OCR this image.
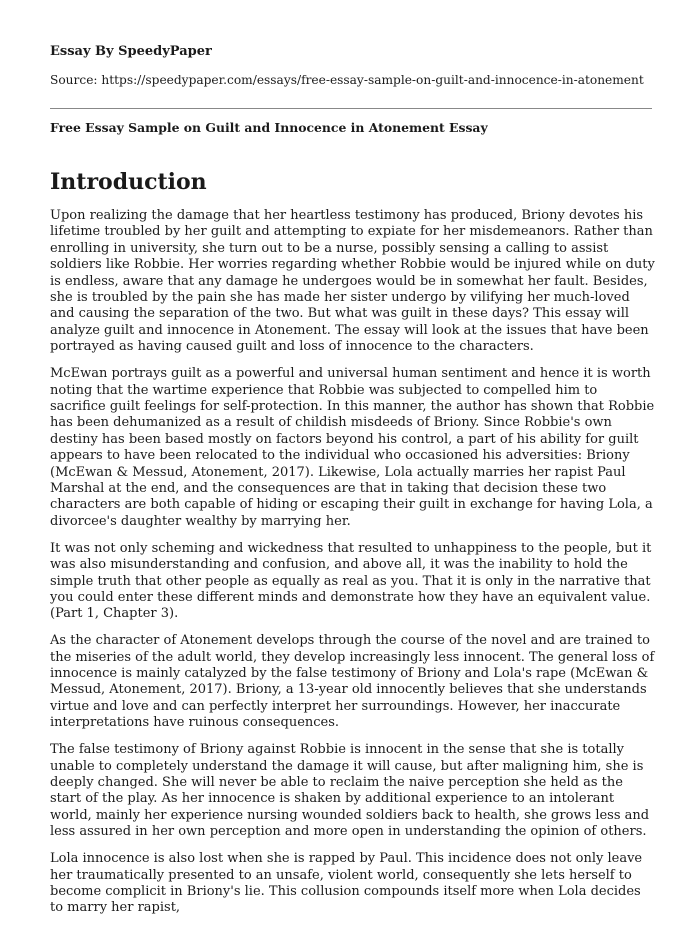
Essay By SpeedyPaper

Source: https://speedypaper.com/essays/free-essay-sample-on-guilt-and-innocence-in-atonement

Free Essay Sample on Guilt and Innocence in Atonement Essay

Introduction

Upon realizing the damage that her heartless testimony has produced, Briony devotes his lifetime troubled by her guilt and attempting to expiate for her misdemeanors. Rather than enrolling in university, she turn out to be a nurse, possibly sensing a calling to assist soldiers like Robbie. Her worries regarding whether Robbie would be injured while on duty is endless, aware that any damage he undergoes would be in somewhat her fault. Besides, she is troubled by the pain she has made her sister undergo by vilifying her much-loved and causing the separation of the two. But what was guilt in these days? This essay will analyze guilt and innocence in Atonement. The essay will look at the issues that have been portrayed as having caused guilt and loss of innocence to the characters.

McEwan portrays guilt as a powerful and universal human sentiment and hence it is worth noting that the wartime experience that Robbie was subjected to compelled him to sacrifice guilt feelings for self-protection. In this manner, the author has shown that Robbie has been dehumanized as a result of childish misdeeds of Briony. Since Robbie's own destiny has been based mostly on factors beyond his control, a part of his ability for guilt appears to have been relocated to the individual who occasioned his adversities: Briony (McEwan & Messud, Atonement, 2017). Likewise, Lola actually marries her rapist Paul Marshal at the end, and the consequences are that in taking that decision these two characters are both capable of hiding or escaping their guilt in exchange for having Lola, a divorcee's daughter wealthy by marrying her.

It was not only scheming and wickedness that resulted to unhappiness to the people, but it was also misunderstanding and confusion, and above all, it was the inability to hold the simple truth that other people as equally as real as you. That it is only in the narrative that you could enter these different minds and demonstrate how they have an equivalent value. (Part 1, Chapter 3).

As the character of Atonement develops through the course of the novel and are trained to the miseries of the adult world, they develop increasingly less innocent. The general loss of innocence is mainly catalyzed by the false testimony of Briony and Lola's rape (McEwan & Messud, Atonement, 2017). Briony, a 13-year old innocently believes that she understands virtue and love and can perfectly interpret her surroundings. However, her inaccurate interpretations have ruinous consequences.

The false testimony of Briony against Robbie is innocent in the sense that she is totally unable to completely understand the damage it will cause, but after maligning him, she is deeply changed. She will never be able to reclaim the naive perception she held as the start of the play. As her innocence is shaken by additional experience to an intolerant world, mainly her experience nursing wounded soldiers back to health, she grows less and less assured in her own perception and more open in understanding the opinion of others.

Lola innocence is also lost when she is rapped by Paul. This incidence does not only leave her traumatically presented to an unsafe, violent world, consequently she lets herself to become complicit in Briony's lie. This collusion compounds itself more when Lola decides to marry her rapist,
